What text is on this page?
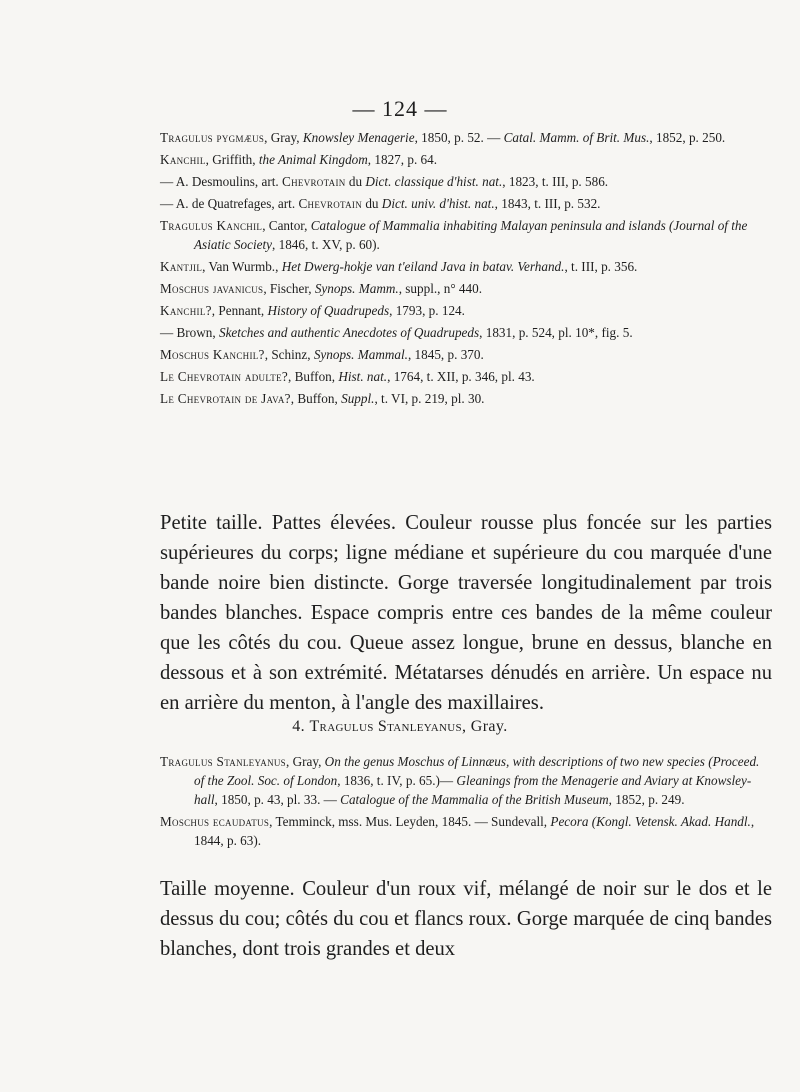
— 124 —
Tragulus pygmæus, Gray, Knowsley Menagerie, 1850, p. 52. — Catal. Mamm. of Brit. Mus., 1852, p. 250.
Kanchil, Griffith, the Animal Kingdom, 1827, p. 64.
— A. Desmoulins, art. Chevrotain du Dict. classique d'hist. nat., 1823, t. III, p. 586.
— A. de Quatrefages, art. Chevrotain du Dict. univ. d'hist. nat., 1843, t. III, p. 532.
Tragulus Kanchil, Cantor, Catalogue of Mammalia inhabiting Malayan peninsula and islands (Journal of the Asiatic Society, 1846, t. XV, p. 60).
Kantjil, Van Wurmb., Het Dwerg-hokje van t'eiland Java in batav. Verhand., t. III, p. 356.
Moschus javanicus, Fischer, Synops. Mamm., suppl., n° 440.
Kanchil?, Pennant, History of Quadrupeds, 1793, p. 124.
— Brown, Sketches and authentic Anecdotes of Quadrupeds, 1831, p. 524, pl. 10*, fig. 5.
Moschus Kanchil?, Schinz, Synops. Mammal., 1845, p. 370.
Le Chevrotain adulte?, Buffon, Hist. nat., 1764, t. XII, p. 346, pl. 43.
Le Chevrotain de Java?, Buffon, Suppl., t. VI, p. 219, pl. 30.

Petite taille. Pattes élevées. Couleur rousse plus foncée sur les parties supérieures du corps; ligne médiane et supérieure du cou marquée d'une bande noire bien distincte. Gorge traversée longitudinalement par trois bandes blanches. Espace compris entre ces bandes de la même couleur que les côtés du cou. Queue assez longue, brune en dessus, blanche en dessous et à son extrémité. Métatarses dénudés en arrière. Un espace nu en arrière du menton, à l'angle des maxillaires.

4. Tragulus Stanleyanus, Gray.
Tragulus Stanleyanus, Gray, On the genus Moschus of Linnæus, with descriptions of two new species (Proceed. of the Zool. Soc. of London, 1836, t. IV, p. 65.)— Gleanings from the Menagerie and Aviary at Knowsley-hall, 1850, p. 43, pl. 33. — Catalogue of the Mammalia of the British Museum, 1852, p. 249.
Moschus ecaudatus, Temminck, mss. Mus. Leyden, 1845. — Sundevall, Pecora (Kongl. Vetensk. Akad. Handl., 1844, p. 63).

Taille moyenne. Couleur d'un roux vif, mélangé de noir sur le dos et le dessus du cou; côtés du cou et flancs roux. Gorge marquée de cinq bandes blanches, dont trois grandes et deux
